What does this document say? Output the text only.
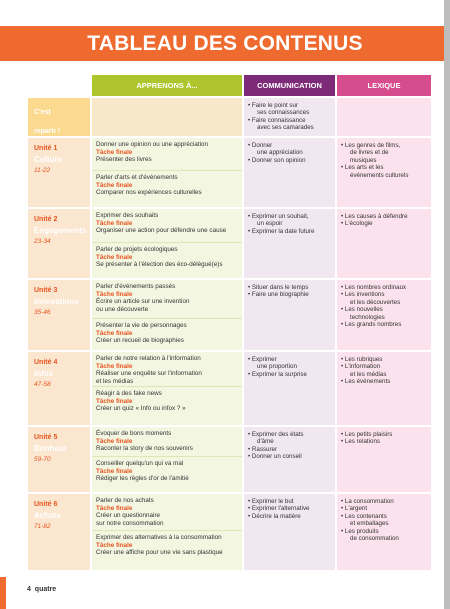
TABLEAU DES CONTENUS
APPRENONS À...	COMMUNICATION	LEXIQUE
C'est
reparti !
• Faire le point sur
ses connaissances
• Faire connaissance
avec ses camarades
Unité 1
Culture
11-22
Donner une opinion ou une appréciation
Tâche finale
Présenter des livres
Parler d'arts et d'événements
Tâche finale
Comparer nos expériences culturelles
• Donner
une appréciation
• Donner son opinion
• Les genres de films,
de livres et de
musiques
• Les arts et les
événements culturels
Unité 2
Engagements
23-34
Exprimer des souhaits
Tâche finale
Organiser une action pour défendre une cause
Parler de projets écologiques
Tâche finale
Se présenter à l'élection des éco-délégué(e)s
• Exprimer un souhait,
un espoir
• Exprimer la date future
• Les causes à défendre
• L'écologie
Unité 3
Innovations
35-46
Parler d'événements passés
Tâche finale
Écrire un article sur une invention
ou une découverte
Présenter la vie de personnages
Tâche finale
Créer un recueil de biographies
• Situer dans le temps
• Faire une biographie
• Les nombres ordinaux
• Les inventions
et les découvertes
• Les nouvelles
technologies
• Les grands nombres
Unité 4
Infos
47-58
Parler de notre relation à l'information
Tâche finale
Réaliser une enquête sur l'information
et les médias
Réagir à des fake news
Tâche finale
Créer un quiz « Info ou infox ? »
• Exprimer
une proportion
• Exprimer la surprise
• Les rubriques
• L'information
et les médias
• Les événements
Unité 5
Bonheur
59-70
Évoquer de bons moments
Tâche finale
Raconter la story de nos souvenirs
Conseiller quelqu'un qui va mal
Tâche finale
Rédiger les règles d'or de l'amitié
• Exprimer des états
d'âme
• Rassurer
• Donner un conseil
• Les petits plaisirs
• Les relations
Unité 6
Achats
71-82
Parler de nos achats
Tâche finale
Créer un questionnaire
sur notre consommation
Exprimer des alternatives à la consommation
Tâche finale
Créer une affiche pour une vie sans plastique
• Exprimer le but
• Exprimer l'alternative
• Décrire la matière
• La consommation
• L'argent
• Les contenants
et emballages
• Les produits
de consommation
4 quatre
